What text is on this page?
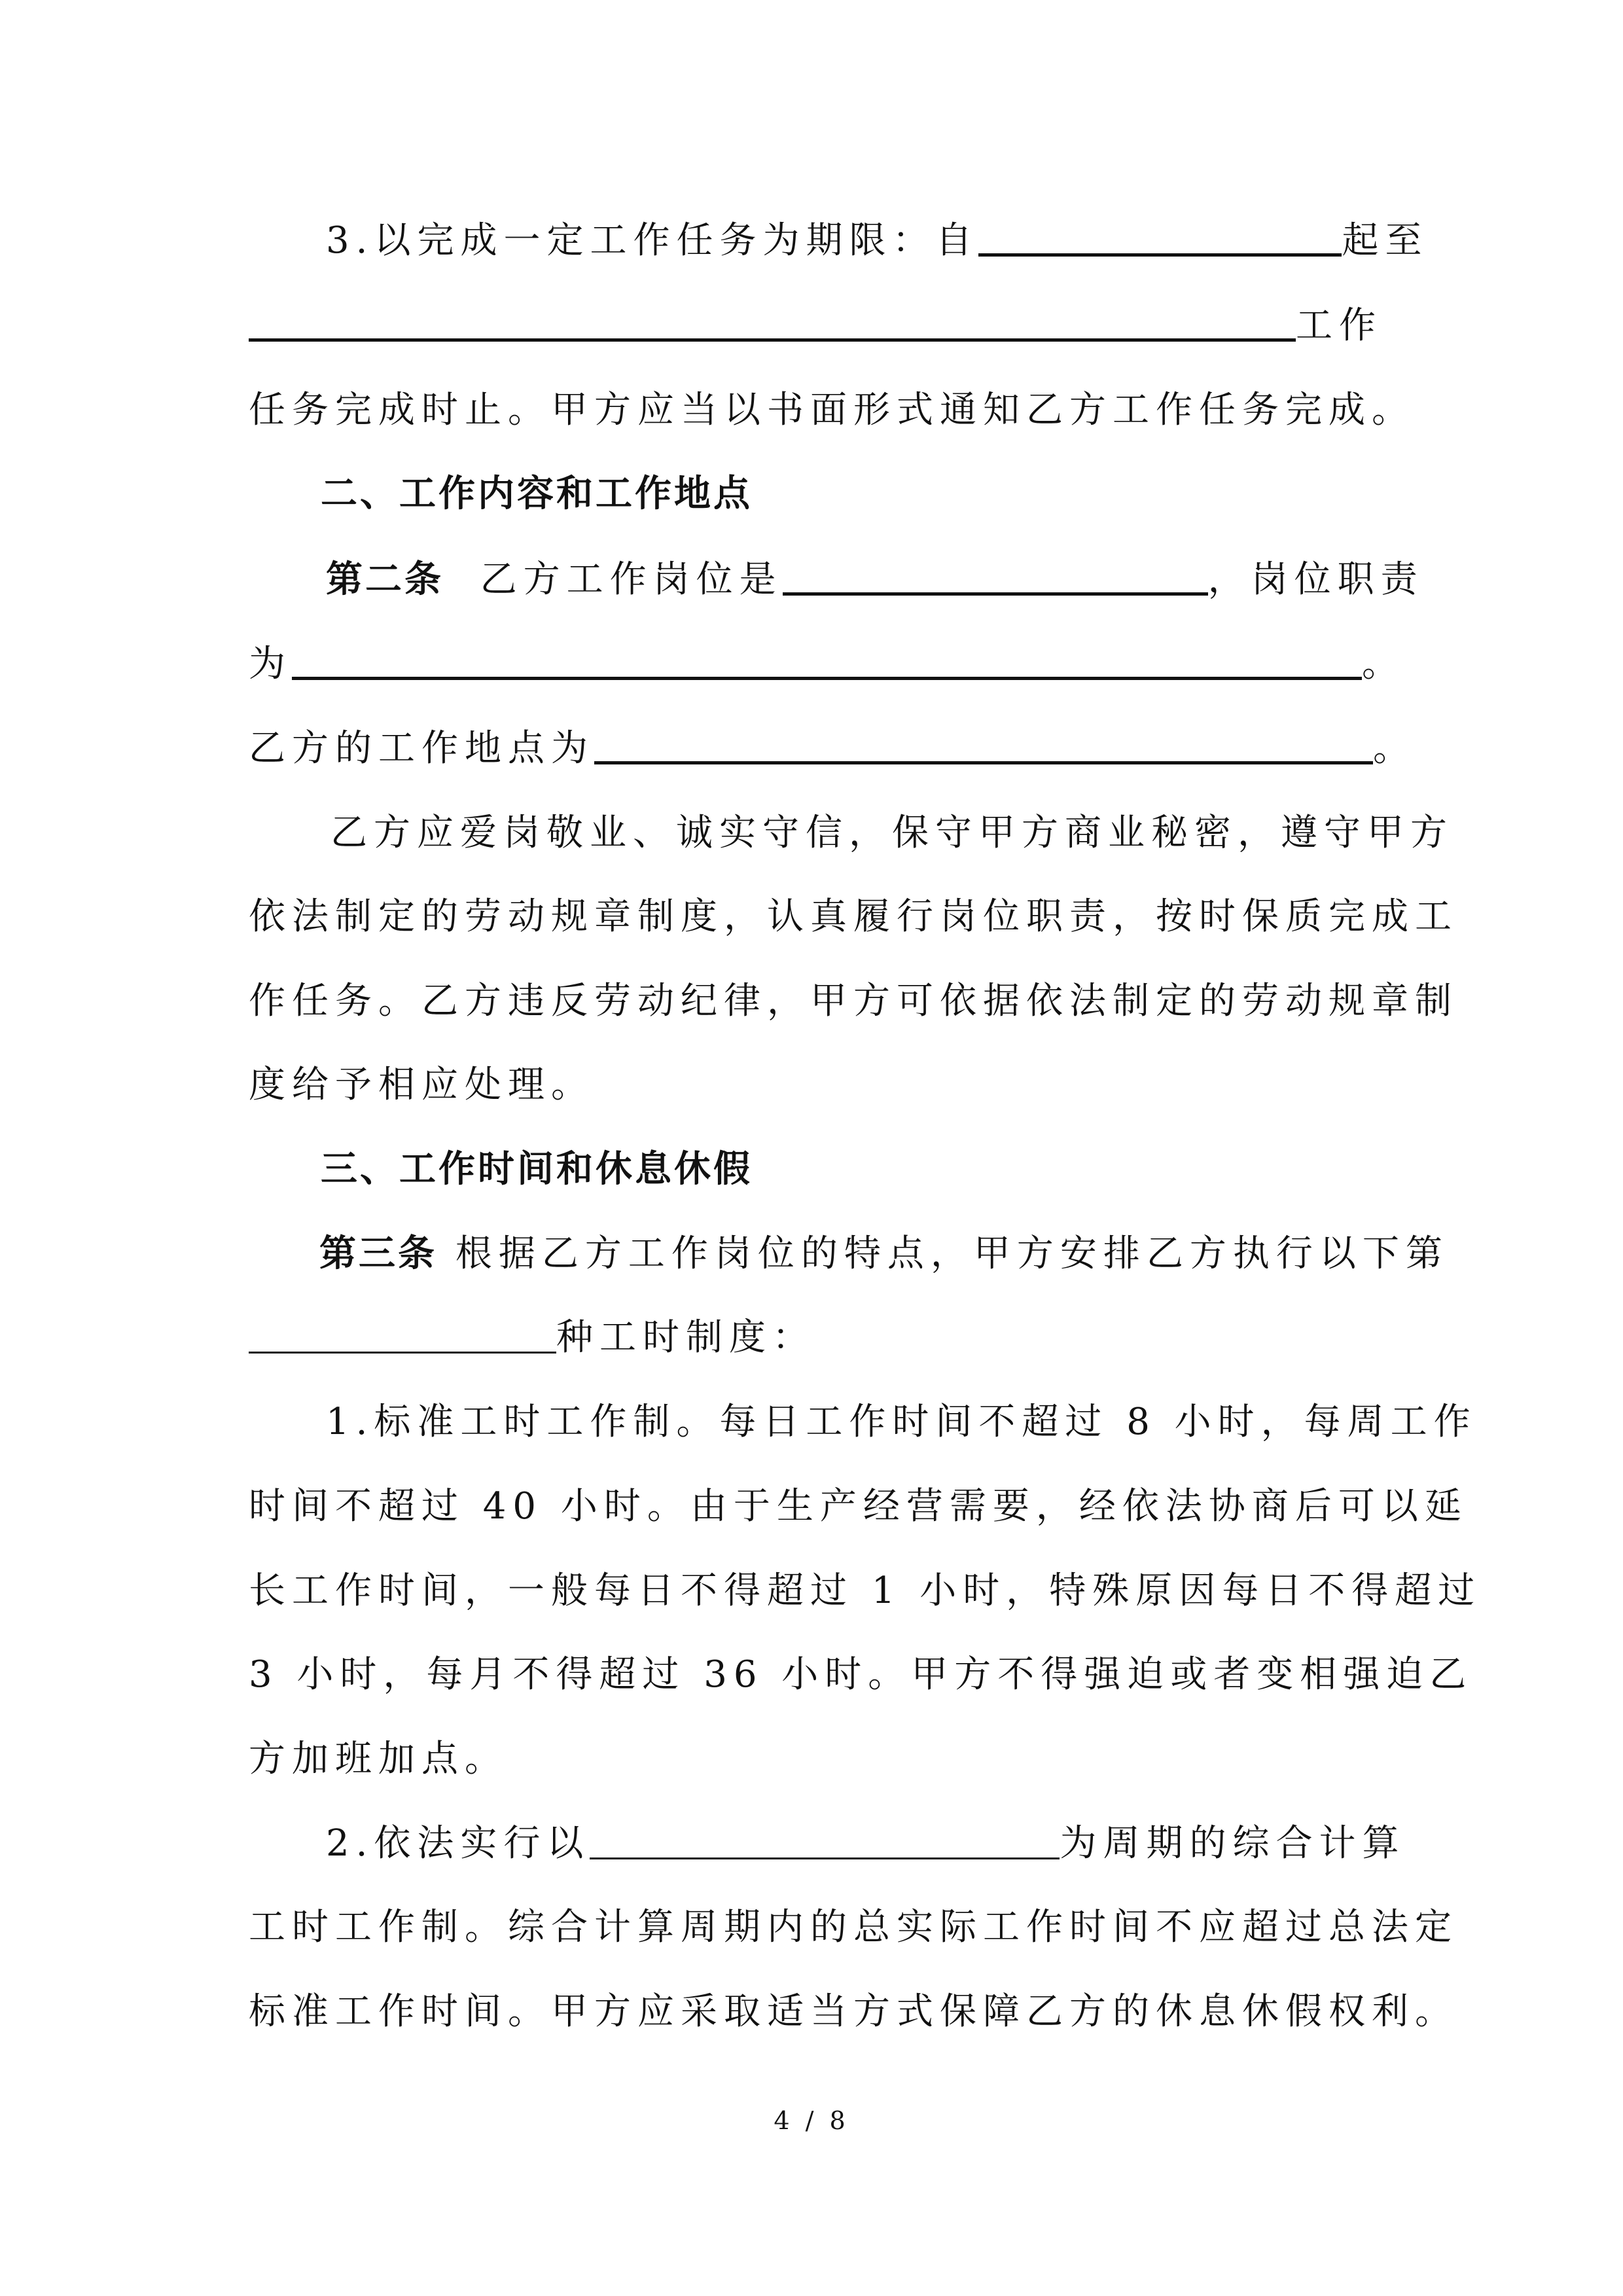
3.以完成一定工作任务为期限：自	起至
工作
任务完成时止。甲方应当以书面形式通知乙方工作任务完成。
二、工作内容和工作地点
第二条 乙方工作岗位是	，岗位职责
为	。
乙方的工作地点为	。
乙方应爱岗敬业、诚实守信，保守甲方商业秘密，遵守甲方
依法制定的劳动规章制度，认真履行岗位职责，按时保质完成工
作任务。乙方违反劳动纪律，甲方可依据依法制定的劳动规章制
度给予相应处理。
三、工作时间和休息休假
第三条 根据乙方工作岗位的特点，甲方安排乙方执行以下第
种工时制度：
1.标准工时工作制。每日工作时间不超过 8 小时，每周工作
时间不超过 40 小时。由于生产经营需要，经依法协商后可以延
长工作时间，一般每日不得超过 1 小时，特殊原因每日不得超过
3 小时，每月不得超过 36 小时。甲方不得强迫或者变相强迫乙
方加班加点。
2.依法实行以	为周期的综合计算
工时工作制。综合计算周期内的总实际工作时间不应超过总法定
标准工作时间。甲方应采取适当方式保障乙方的休息休假权利。
4 / 8
